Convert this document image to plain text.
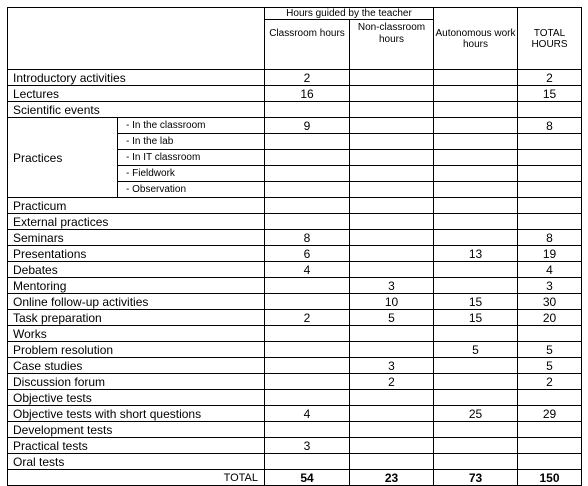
		Hours guided by the teacher		Autonomous work hours	TOTAL HOURS
		Classroom hours	Non-classroom hours		
Introductory activities		2			2
Lectures		16			15
Scientific events					
Practices	- In the classroom	9			8
	- In the lab				
	- In IT classroom				
	- Fieldwork				
	- Observation				
Practicum					
External practices					
Seminars		8			8
Presentations		6		13	19
Debates		4			4
Mentoring			3		3
Online follow-up activities			10	15	30
Task preparation		2	5	15	20
Works					
Problem resolution				5	5
Case studies			3		5
Discussion forum			2		2
Objective tests					
Objective tests with short questions		4		25	29
Development tests					
Practical tests		3			
Oral tests					
TOTAL		54	23	73	150
